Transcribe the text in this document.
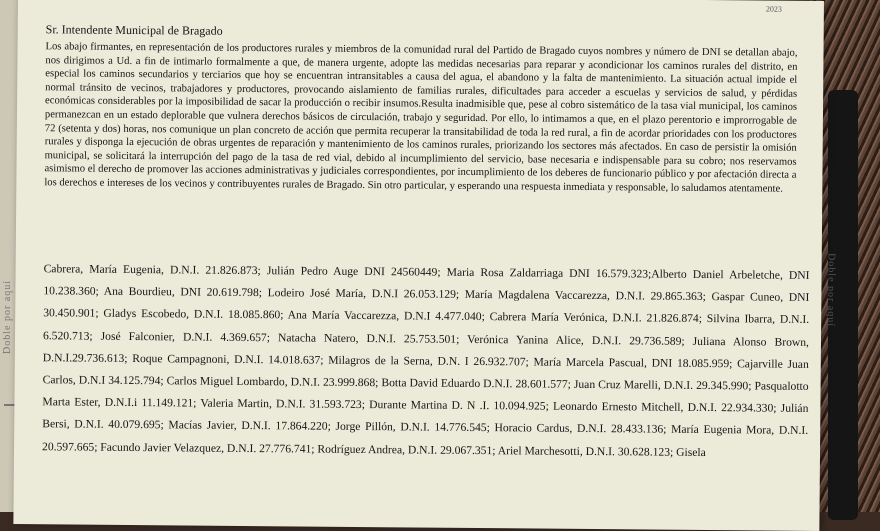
Doble por aquí
2023
Sr. Intendente Municipal de Bragado

Los abajo firmantes, en representación de los productores rurales y miembros de la comunidad rural del Partido de Bragado cuyos nombres y número de DNI se detallan abajo, nos dirigimos a Ud. a fin de intimarlo formalmente a que, de manera urgente, adopte las medidas necesarias para reparar y acondicionar los caminos rurales del distrito, en especial los caminos secundarios y terciarios que hoy se encuentran intransitables a causa del agua, el abandono y la falta de mantenimiento. La situación actual impide el normal tránsito de vecinos, trabajadores y productores, provocando aislamiento de familias rurales, dificultades para acceder a escuelas y servicios de salud, y pérdidas económicas considerables por la imposibilidad de sacar la producción o recibir insumos.Resulta inadmisible que, pese al cobro sistemático de la tasa vial municipal, los caminos permanezcan en un estado deplorable que vulnera derechos básicos de circulación, trabajo y seguridad. Por ello, lo intimamos a que, en el plazo perentorio e improrrogable de 72 (setenta y dos) horas, nos comunique un plan concreto de acción que permita recuperar la transitabilidad de toda la red rural, a fin de acordar prioridades con los productores rurales y disponga la ejecución de obras urgentes de reparación y mantenimiento de los caminos rurales, priorizando los sectores más afectados. En caso de persistir la omisión municipal, se solicitará la interrupción del pago de la tasa de red vial, debido al incumplimiento del servicio, base necesaria e indispensable para su cobro; nos reservamos asimismo el derecho de promover las acciones administrativas y judiciales correspondientes, por incumplimiento de los deberes de funcionario público y por afectación directa a los derechos e intereses de los vecinos y contribuyentes rurales de Bragado. Sin otro particular, y esperando una respuesta inmediata y responsable, lo saludamos atentamente.

Cabrera, María Eugenia, D.N.I. 21.826.873; Julián Pedro Auge DNI 24560449; Maria Rosa Zaldarriaga DNI 16.579.323;Alberto Daniel Arbeletche, DNI 10.238.360; Ana Bourdieu, DNI 20.619.798; Lodeiro José María, D.N.I 26.053.129; María Magdalena Vaccarezza, D.N.I. 29.865.363; Gaspar Cuneo, DNI 30.450.901; Gladys Escobedo, D.N.I. 18.085.860; Ana María Vaccarezza, D.N.I 4.477.040; Cabrera María Verónica, D.N.I. 21.826.874; Silvina Ibarra, D.N.I. 6.520.713; José Falconier, D.N.I. 4.369.657; Natacha Natero, D.N.I. 25.753.501; Verónica Yanina Alice, D.N.I. 29.736.589; Juliana Alonso Brown, D.N.I.29.736.613; Roque Campagnoni, D.N.I. 14.018.637; Milagros de la Serna, D.N. I 26.932.707; María Marcela Pascual, DNI 18.085.959; Cajarville Juan Carlos, D.N.I 34.125.794; Carlos Miguel Lombardo, D.N.I. 23.999.868; Botta David Eduardo D.N.I. 28.601.577; Juan Cruz Marelli, D.N.I. 29.345.990; Pasqualotto Marta Ester, D.N.I.i 11.149.121; Valeria Martin, D.N.I. 31.593.723; Durante Martina D. N .I. 10.094.925; Leonardo Ernesto Mitchell, D.N.I. 22.934.330; Julián Bersi, D.N.I. 40.079.695; Macías Javier, D.N.I. 17.864.220; Jorge Pillón, D.N.I. 14.776.545; Horacio Cardus, D.N.I. 28.433.136; María Eugenia Mora, D.N.I. 20.597.665; Facundo Javier Velazquez, D.N.I. 27.776.741; Rodríguez Andrea, D.N.I. 29.067.351; Ariel Marchesotti, D.N.I. 30.628.123; Gisela

Doble por aquí
